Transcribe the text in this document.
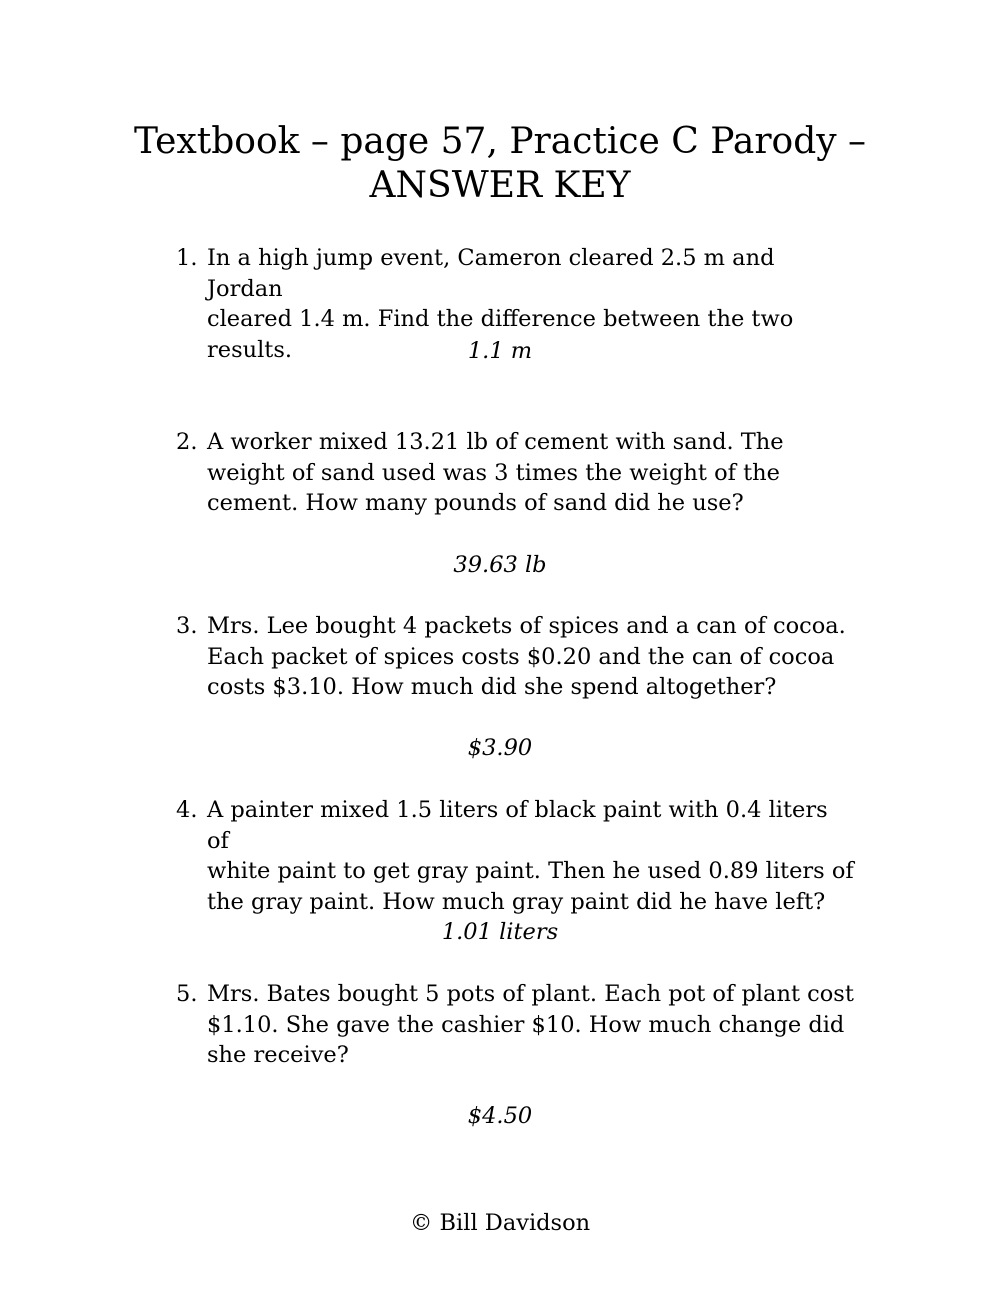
Textbook – page 57, Practice C Parody –
ANSWER KEY
1. In a high jump event, Cameron cleared 2.5 m and Jordan
cleared 1.4 m. Find the difference between the two
results.	1.1 m

2. A worker mixed 13.21 lb of cement with sand. The
weight of sand used was 3 times the weight of the
cement. How many pounds of sand did he use?

39.63 lb

3. Mrs. Lee bought 4 packets of spices and a can of cocoa.
Each packet of spices costs $0.20 and the can of cocoa
costs $3.10. How much did she spend altogether?

$3.90

4. A painter mixed 1.5 liters of black paint with 0.4 liters of
white paint to get gray paint. Then he used 0.89 liters of
the gray paint. How much gray paint did he have left?

1.01 liters

5. Mrs. Bates bought 5 pots of plant. Each pot of plant cost
$1.10. She gave the cashier $10. How much change did
she receive?

$4.50

© Bill Davidson
